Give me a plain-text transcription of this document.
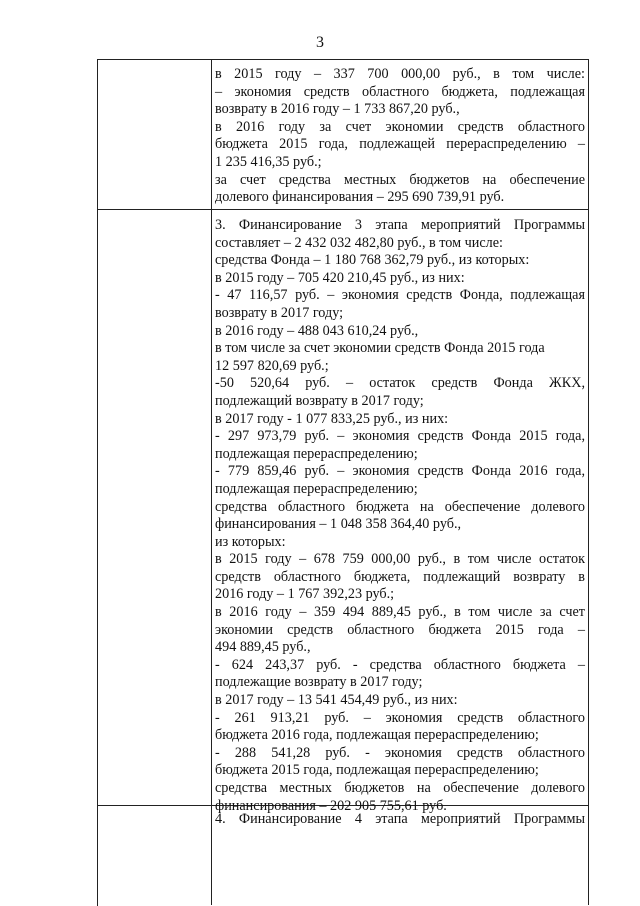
3

в 2015 году – 337 700 000,00 руб., в том числе:

– экономия средств областного бюджета, подлежащая

возврату в 2016 году – 1 733 867,20 руб.,

в 2016 году за счет экономии средств областного

бюджета 2015 года, подлежащей перераспределению –

1 235 416,35 руб.;

за счет средства местных бюджетов на обеспечение

долевого финансирования – 295 690 739,91 руб.

3. Финансирование 3 этапа мероприятий Программы

составляет – 2 432 032 482,80 руб., в том числе:

средства Фонда – 1 180 768 362,79 руб., из которых:

в 2015 году – 705 420 210,45 руб., из них:

- 47 116,57 руб. – экономия средств Фонда, подлежащая

возврату в 2017 году;

в 2016 году – 488 043 610,24 руб.,

в том числе за счет экономии средств Фонда 2015 года

12 597 820,69 руб.;

-50 520,64 руб. – остаток средств Фонда ЖКХ,

подлежащий возврату в 2017 году;

в 2017 году - 1 077 833,25 руб., из них:

- 297 973,79 руб. – экономия средств Фонда 2015 года,

подлежащая перераспределению;

- 779 859,46 руб. – экономия средств Фонда 2016 года,

подлежащая перераспределению;

средства областного бюджета на обеспечение долевого

финансирования – 1 048 358 364,40 руб.,

из которых:

в 2015 году – 678 759 000,00 руб., в том числе остаток

средств областного бюджета, подлежащий возврату в

2016 году – 1 767 392,23 руб.;

в 2016 году – 359 494 889,45 руб., в том числе за счет

экономии средств областного бюджета 2015 года –

494 889,45 руб.,

- 624 243,37 руб. - средства областного бюджета –

подлежащие возврату в 2017 году;

в 2017 году – 13 541 454,49 руб., из них:

- 261 913,21 руб. – экономия средств областного

бюджета 2016 года, подлежащая перераспределению;

- 288 541,28 руб. - экономия средств областного

бюджета 2015 года, подлежащая перераспределению;

средства местных бюджетов на обеспечение долевого

финансирования – 202 905 755,61 руб.

4. Финансирование 4 этапа мероприятий Программы
